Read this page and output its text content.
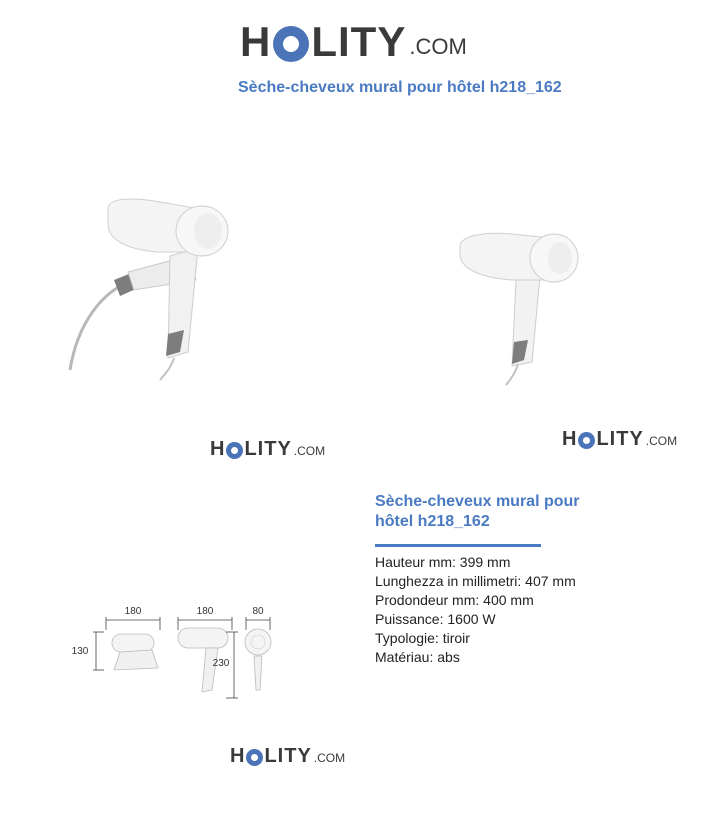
H LITY .COM
Sèche-cheveux mural pour hôtel h218_162
H LITY .COM
H LITY .COM
Sèche-cheveux mural pour
hôtel h218_162
Hauteur mm: 399 mm
Lunghezza in millimetri: 407 mm
Prodondeur mm: 400 mm
Puissance: 1600 W
Typologie: tiroir
Matériau: abs
180
130
180
230
80
H LITY .COM
